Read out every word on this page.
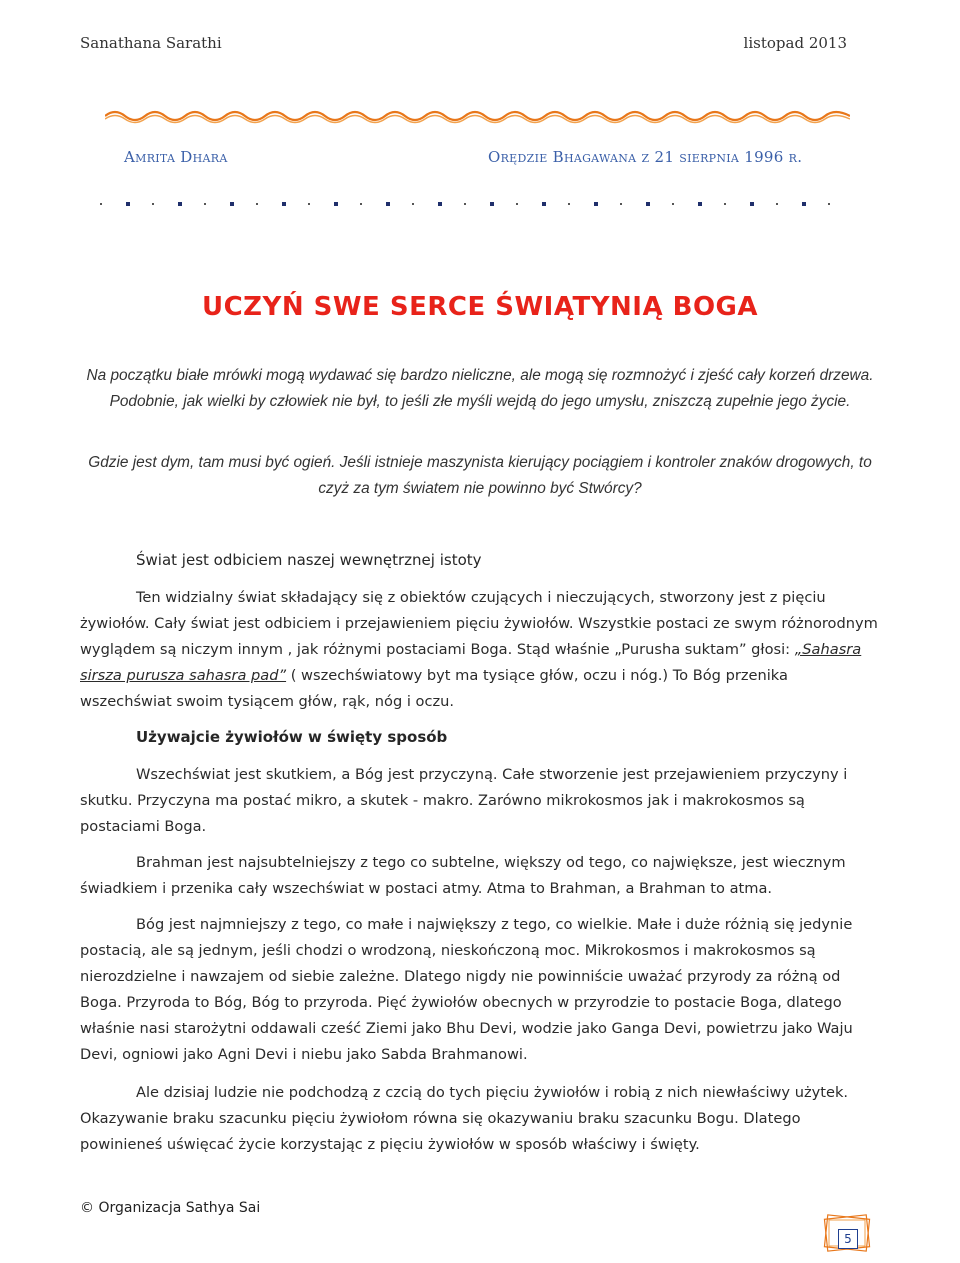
Sanathana Sarathi	listopad 2013
Amrita Dhara	Orędzie Bhagawana z 21 sierpnia 1996 r.
UCZYŃ SWE SERCE ŚWIĄTYNIĄ BOGA
Na początku białe mrówki mogą wydawać się bardzo nieliczne, ale mogą się rozmnożyć i zjeść cały korzeń drzewa. Podobnie, jak wielki by człowiek nie był, to jeśli złe myśli wejdą do jego umysłu, zniszczą zupełnie jego życie.
Gdzie jest dym, tam musi być ogień. Jeśli istnieje maszynista kierujący pociągiem i kontroler znaków drogowych, to czyż za tym światem nie powinno być Stwórcy?
Świat jest odbiciem naszej wewnętrznej istoty
Ten widzialny świat składający się z obiektów czujących i nieczujących, stworzony jest z pięciu żywiołów. Cały świat jest odbiciem i przejawieniem pięciu żywiołów. Wszystkie postaci ze swym różnorodnym wyglądem są niczym innym , jak różnymi postaciami Boga. Stąd właśnie „Purusha suktam” głosi: „Sahasra sirsza purusza sahasra pad” ( wszechświatowy byt ma tysiące głów, oczu i nóg.) To Bóg przenika wszechświat swoim tysiącem głów, rąk, nóg i oczu.
Używajcie żywiołów w święty sposób
Wszechświat jest skutkiem, a Bóg jest przyczyną. Całe stworzenie jest przejawieniem przyczyny i skutku. Przyczyna ma postać mikro, a skutek - makro. Zarówno mikrokosmos jak i makrokosmos są postaciami Boga.
Brahman jest najsubtelniejszy z tego co subtelne, większy od tego, co największe, jest wiecznym świadkiem i przenika cały wszechświat w postaci atmy. Atma to Brahman, a Brahman to atma.
Bóg jest najmniejszy z tego, co małe i największy z tego, co wielkie. Małe i duże różnią się jedynie postacią, ale są jednym, jeśli chodzi o wrodzoną, nieskończoną moc. Mikrokosmos i makrokosmos są nierozdzielne i nawzajem od siebie zależne. Dlatego nigdy nie powinniście uważać przyrody za różną od Boga. Przyroda to Bóg, Bóg to przyroda. Pięć żywiołów obecnych w przyrodzie to postacie Boga, dlatego właśnie nasi starożytni oddawali cześć Ziemi jako Bhu Devi, wodzie jako Ganga Devi, powietrzu jako Waju Devi, ogniowi jako Agni Devi i niebu jako Sabda Brahmanowi.
Ale dzisiaj ludzie nie podchodzą z czcią do tych pięciu żywiołów i robią z nich niewłaściwy użytek. Okazywanie braku szacunku pięciu żywiołom równa się okazywaniu braku szacunku Bogu. Dlatego powinieneś uświęcać życie korzystając z pięciu żywiołów w sposób właściwy i święty.
© Organizacja Sathya Sai
5
